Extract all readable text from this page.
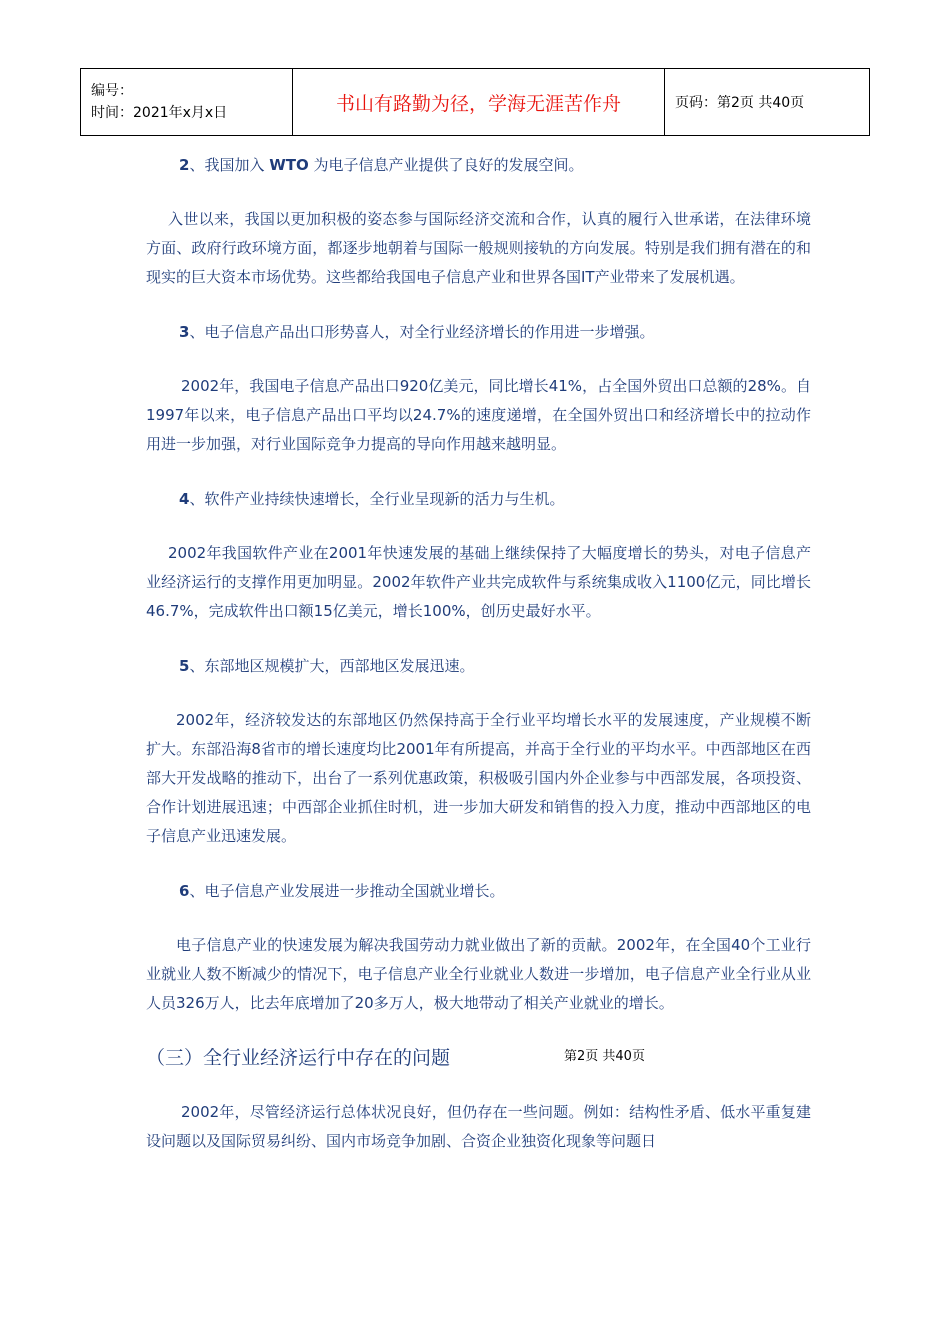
编号：
时间：2021年x月x日	书山有路勤为径，学海无涯苦作舟	页码：第2页 共40页

2、我国加入 WTO 为电子信息产业提供了良好的发展空间。

入世以来，我国以更加积极的姿态参与国际经济交流和合作，认真的履行入世承诺，在法律环境方面、政府行政环境方面，都逐步地朝着与国际一般规则接轨的方向发展。特别是我们拥有潜在的和现实的巨大资本市场优势。这些都给我国电子信息产业和世界各国IT产业带来了发展机遇。

3、电子信息产品出口形势喜人，对全行业经济增长的作用进一步增强。

2002年，我国电子信息产品出口920亿美元，同比增长41%，占全国外贸出口总额的28%。自1997年以来，电子信息产品出口平均以24.7%的速度递增，在全国外贸出口和经济增长中的拉动作用进一步加强，对行业国际竞争力提高的导向作用越来越明显。

4、软件产业持续快速增长，全行业呈现新的活力与生机。

2002年我国软件产业在2001年快速发展的基础上继续保持了大幅度增长的势头，对电子信息产业经济运行的支撑作用更加明显。2002年软件产业共完成软件与系统集成收入1100亿元，同比增长46.7%，完成软件出口额15亿美元，增长100%，创历史最好水平。

5、东部地区规模扩大，西部地区发展迅速。

2002年，经济较发达的东部地区仍然保持高于全行业平均增长水平的发展速度，产业规模不断扩大。东部沿海8省市的增长速度均比2001年有所提高，并高于全行业的平均水平。中西部地区在西部大开发战略的推动下，出台了一系列优惠政策，积极吸引国内外企业参与中西部发展，各项投资、合作计划进展迅速；中西部企业抓住时机，进一步加大研发和销售的投入力度，推动中西部地区的电子信息产业迅速发展。

6、电子信息产业发展进一步推动全国就业增长。

电子信息产业的快速发展为解决我国劳动力就业做出了新的贡献。2002年，在全国40个工业行业就业人数不断减少的情况下，电子信息产业全行业就业人数进一步增加，电子信息产业全行业从业人员326万人，比去年底增加了20多万人，极大地带动了相关产业就业的增长。

（三）全行业经济运行中存在的问题	第2页 共40页

2002年，尽管经济运行总体状况良好，但仍存在一些问题。例如：结构性矛盾、低水平重复建设问题以及国际贸易纠纷、国内市场竞争加剧、合资企业独资化现象等问题日
